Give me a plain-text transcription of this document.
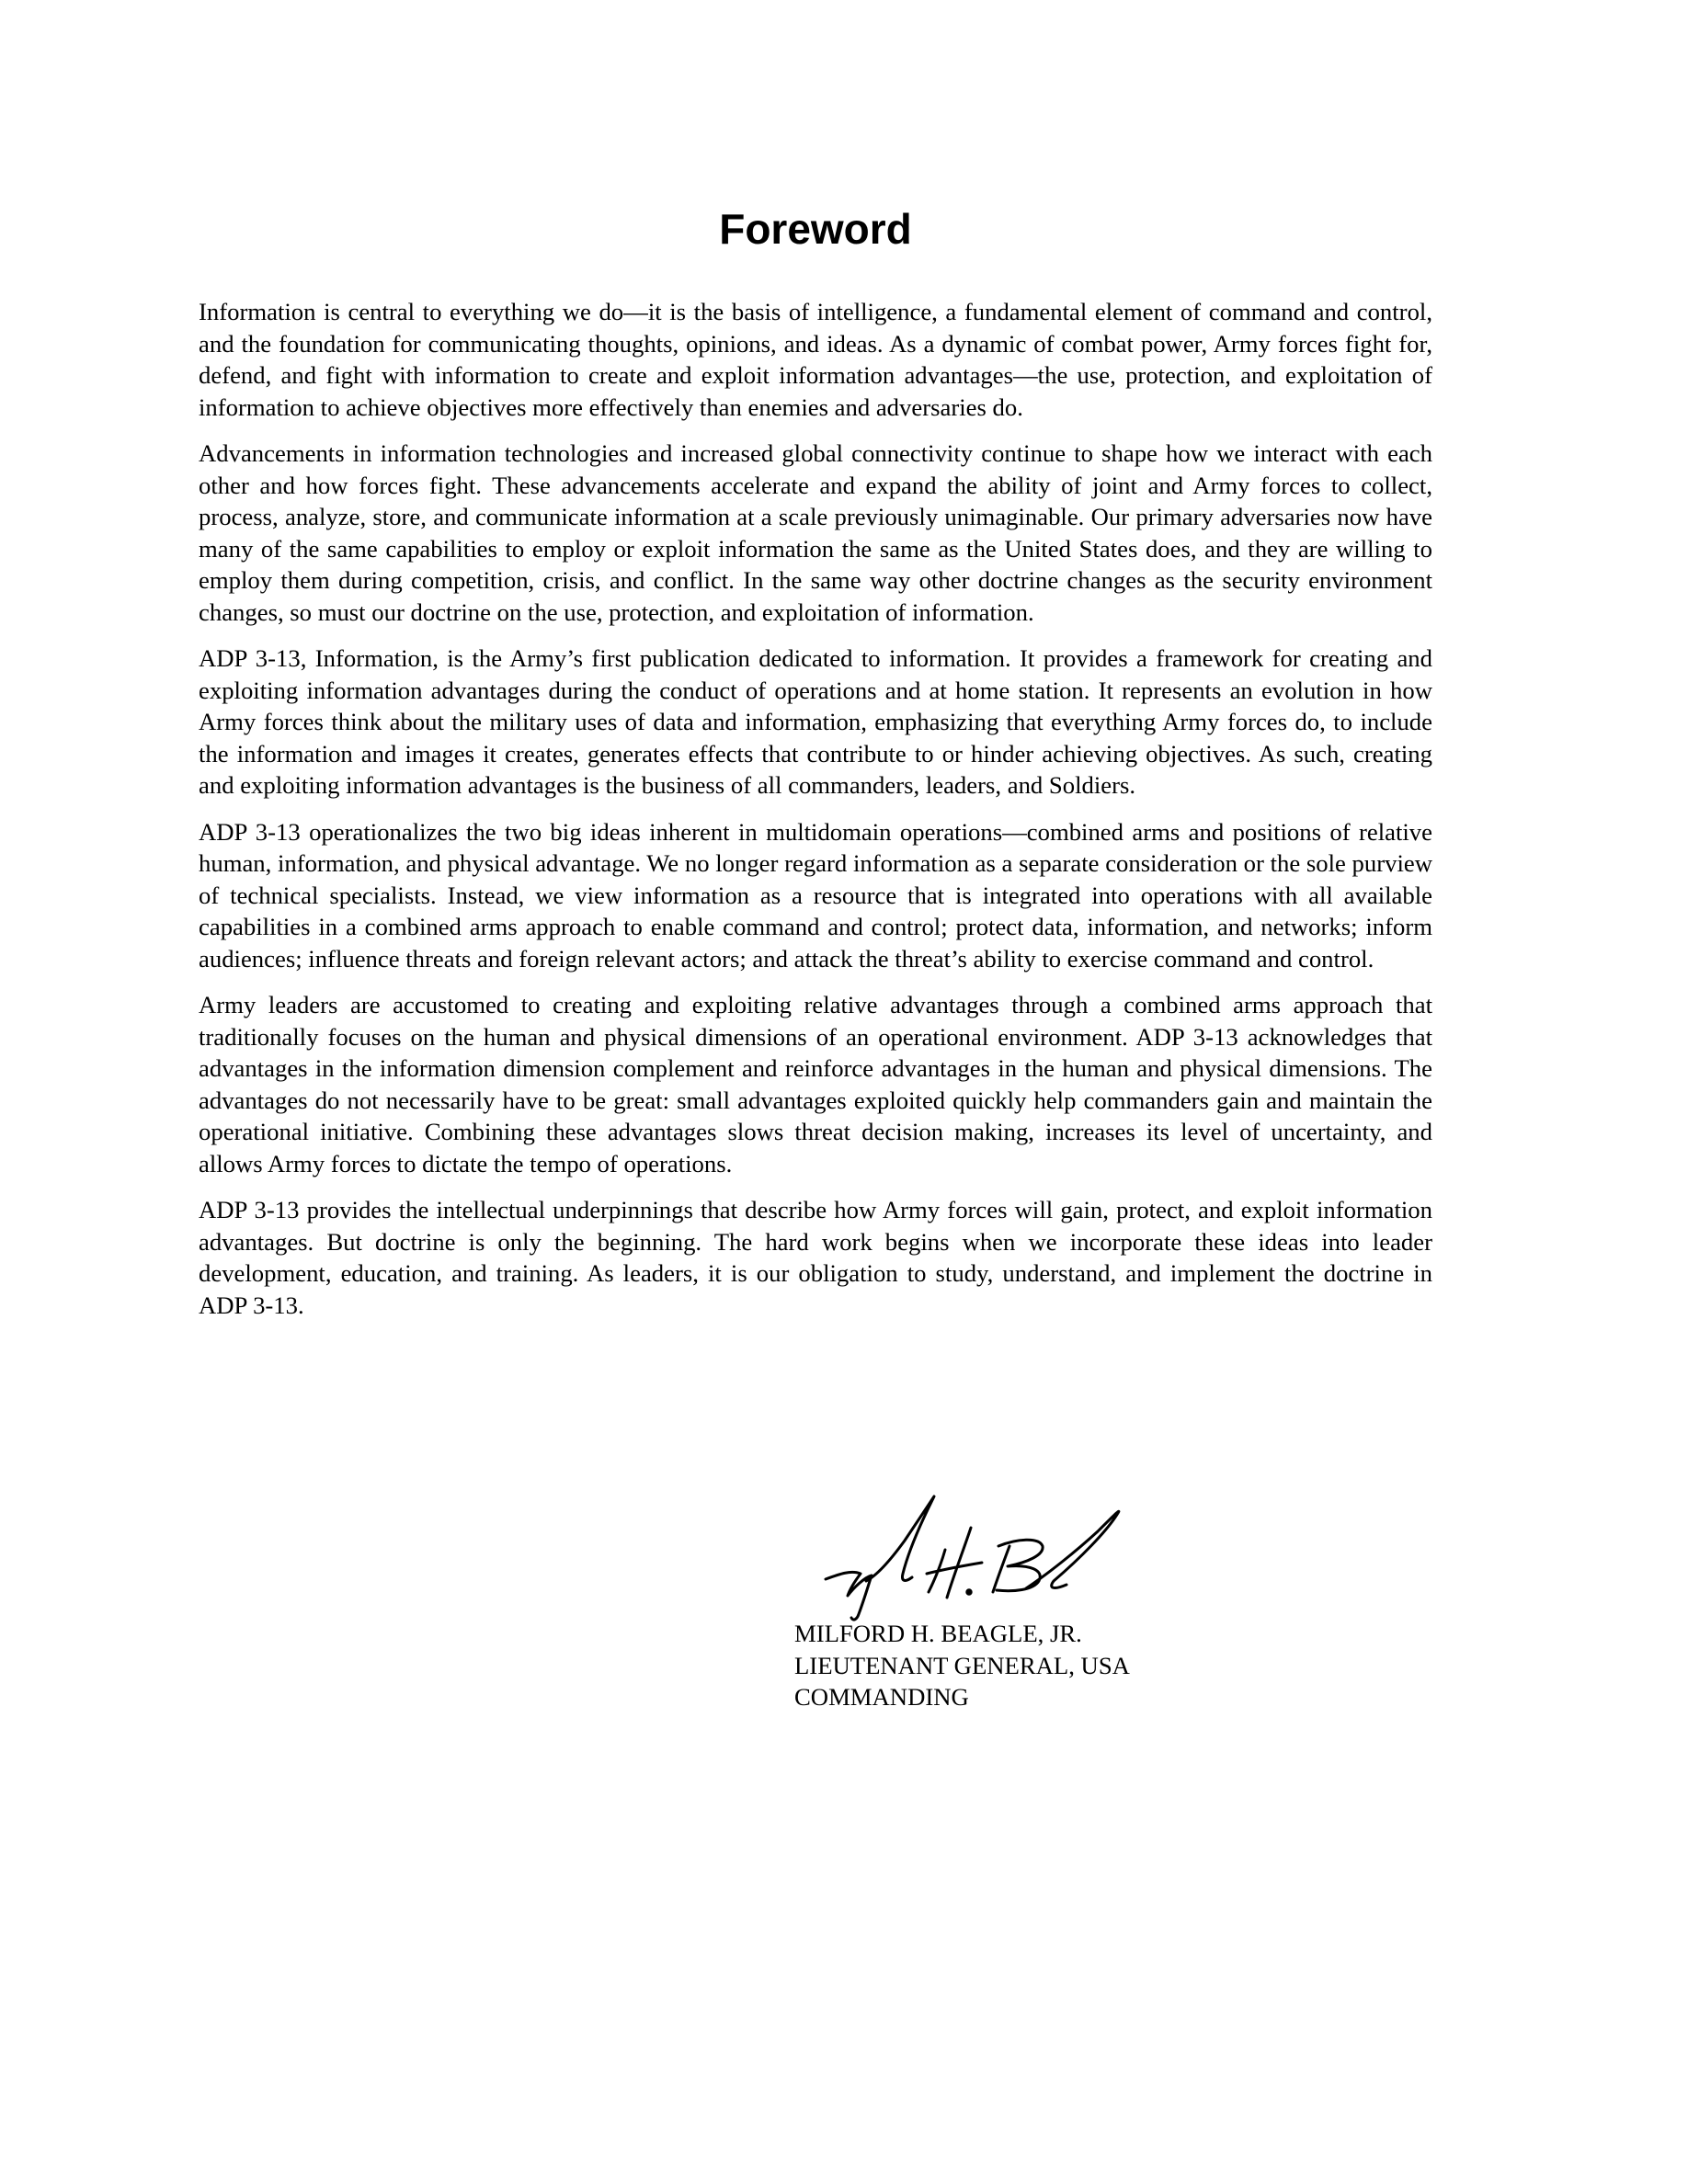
Foreword

Information is central to everything we do—it is the basis of intelligence, a fundamental element of command and control, and the foundation for communicating thoughts, opinions, and ideas. As a dynamic of combat power, Army forces fight for, defend, and fight with information to create and exploit information advantages—the use, protection, and exploitation of information to achieve objectives more effectively than enemies and adversaries do.

Advancements in information technologies and increased global connectivity continue to shape how we interact with each other and how forces fight. These advancements accelerate and expand the ability of joint and Army forces to collect, process, analyze, store, and communicate information at a scale previously unimaginable. Our primary adversaries now have many of the same capabilities to employ or exploit information the same as the United States does, and they are willing to employ them during competition, crisis, and conflict. In the same way other doctrine changes as the security environment changes, so must our doctrine on the use, protection, and exploitation of information.

ADP 3-13, Information, is the Army’s first publication dedicated to information. It provides a framework for creating and exploiting information advantages during the conduct of operations and at home station. It represents an evolution in how Army forces think about the military uses of data and information, emphasizing that everything Army forces do, to include the information and images it creates, generates effects that contribute to or hinder achieving objectives. As such, creating and exploiting information advantages is the business of all commanders, leaders, and Soldiers.

ADP 3-13 operationalizes the two big ideas inherent in multidomain operations—combined arms and positions of relative human, information, and physical advantage. We no longer regard information as a separate consideration or the sole purview of technical specialists. Instead, we view information as a resource that is integrated into operations with all available capabilities in a combined arms approach to enable command and control; protect data, information, and networks; inform audiences; influence threats and foreign relevant actors; and attack the threat’s ability to exercise command and control.

Army leaders are accustomed to creating and exploiting relative advantages through a combined arms approach that traditionally focuses on the human and physical dimensions of an operational environment. ADP 3-13 acknowledges that advantages in the information dimension complement and reinforce advantages in the human and physical dimensions. The advantages do not necessarily have to be great: small advantages exploited quickly help commanders gain and maintain the operational initiative. Combining these advantages slows threat decision making, increases its level of uncertainty, and allows Army forces to dictate the tempo of operations.

ADP 3-13 provides the intellectual underpinnings that describe how Army forces will gain, protect, and exploit information advantages. But doctrine is only the beginning. The hard work begins when we incorporate these ideas into leader development, education, and training. As leaders, it is our obligation to study, understand, and implement the doctrine in ADP 3-13.

MILFORD H. BEAGLE, JR.
LIEUTENANT GENERAL, USA
COMMANDING
